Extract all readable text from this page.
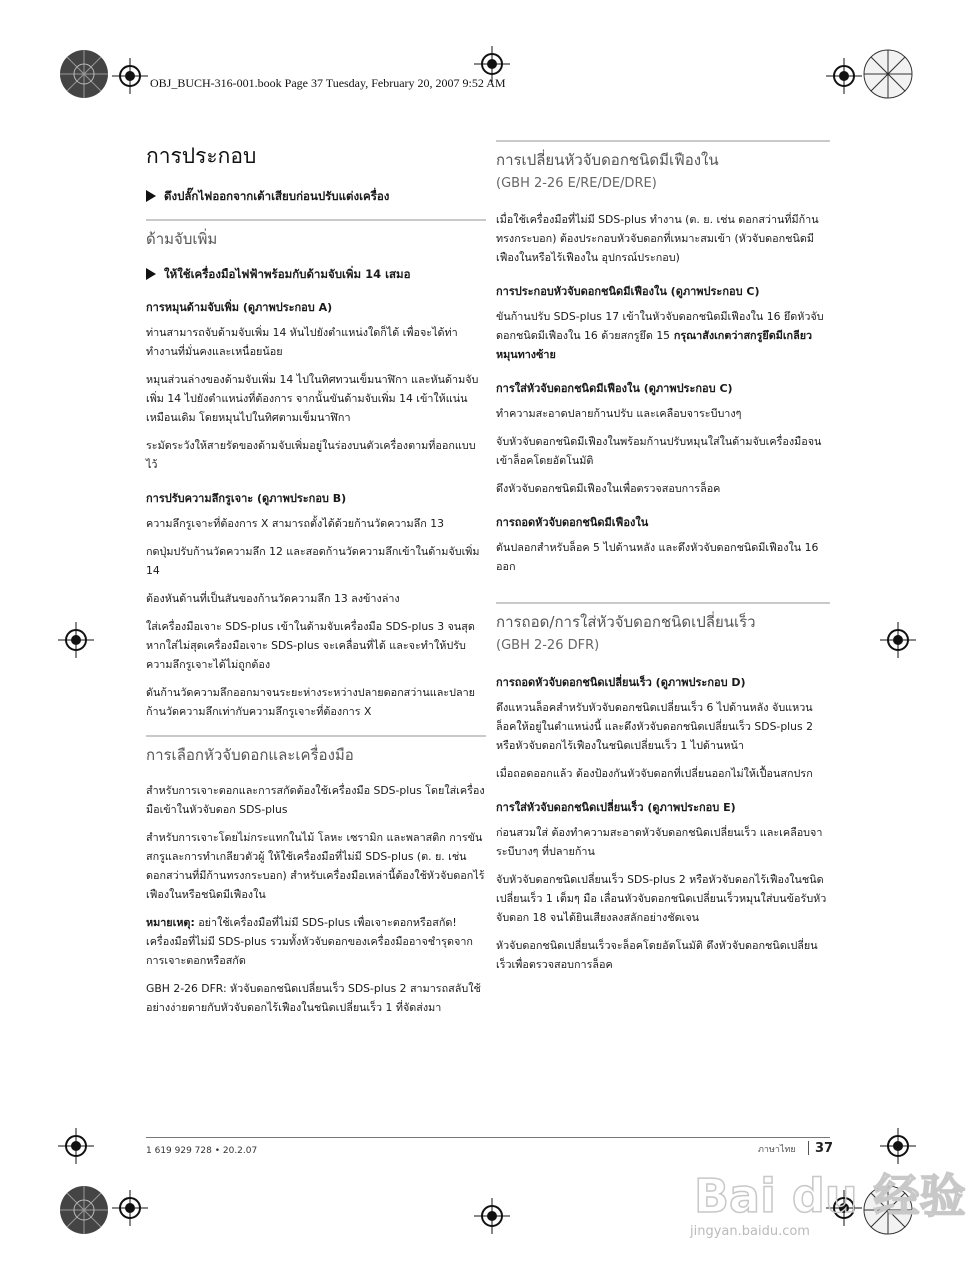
OBJ_BUCH-316-001.book Page 37 Tuesday, February 20, 2007 9:52 AM
การประกอบ
ดึงปลั๊กไฟออกจากเต้าเสียบก่อนปรับแต่งเครื่อง
ด้ามจับเพิ่ม
ให้ใช้เครื่องมือไฟฟ้าพร้อมกับด้ามจับเพิ่ม 14 เสมอ
การหมุนด้ามจับเพิ่ม (ดูภาพประกอบ A)

ท่านสามารถจับด้ามจับเพิ่ม 14 หันไปยังตำแหน่งใดก็ได้ เพื่อจะได้ท่าทำงานที่มั่นคงและเหนื่อยน้อย

หมุนส่วนล่างของด้ามจับเพิ่ม 14 ไปในทิศทวนเข็มนาฬิกา และหันด้ามจับเพิ่ม 14 ไปยังตำแหน่งที่ต้องการ จากนั้นขันด้ามจับเพิ่ม 14 เข้าให้แน่นเหมือนเดิม โดยหมุนไปในทิศตามเข็มนาฬิกา

ระมัดระวังให้สายรัดของด้ามจับเพิ่มอยู่ในร่องบนตัวเครื่องตามที่ออกแบบไว้

การปรับความลึกรูเจาะ (ดูภาพประกอบ B)

ความลึกรูเจาะที่ต้องการ X สามารถตั้งได้ด้วยก้านวัดความลึก 13

กดปุ่มปรับก้านวัดความลึก 12 และสอดก้านวัดความลึกเข้าในด้ามจับเพิ่ม 14

ต้องหันด้านที่เป็นสันของก้านวัดความลึก 13 ลงข้างล่าง

ใส่เครื่องมือเจาะ SDS-plus เข้าในด้ามจับเครื่องมือ SDS-plus 3 จนสุด หากใส่ไม่สุดเครื่องมือเจาะ SDS-plus จะเคลื่อนที่ได้ และจะทำให้ปรับความลึกรูเจาะได้ไม่ถูกต้อง

ดันก้านวัดความลึกออกมาจนระยะห่างระหว่างปลายดอกสว่านและปลายก้านวัดความลึกเท่ากับความลึกรูเจาะที่ต้องการ X

การเลือกหัวจับดอกและเครื่องมือ

สำหรับการเจาะตอกและการสกัดต้องใช้เครื่องมือ SDS-plus โดยใส่เครื่องมือเข้าในหัวจับดอก SDS-plus

สำหรับการเจาะโดยไม่กระแทกในไม้ โลหะ เซรามิก และพลาสติก การขันสกรูและการทำเกลียวตัวผู้ ให้ใช้เครื่องมือที่ไม่มี SDS-plus (ต. ย. เช่น ดอกสว่านที่มีก้านทรงกระบอก) สำหรับเครื่องมือเหล่านี้ต้องใช้หัวจับดอกไร้เฟืองในหรือชนิดมีเฟืองใน

หมายเหตุ: อย่าใช้เครื่องมือที่ไม่มี SDS-plus เพื่อเจาะตอกหรือสกัด! เครื่องมือที่ไม่มี SDS-plus รวมทั้งหัวจับดอกของเครื่องมืออาจชำรุดจากการเจาะตอกหรือสกัด

GBH 2-26 DFR: หัวจับดอกชนิดเปลี่ยนเร็ว SDS-plus 2 สามารถสลับใช้อย่างง่ายดายกับหัวจับดอกไร้เฟืองในชนิดเปลี่ยนเร็ว 1 ที่จัดส่งมา

การเปลี่ยนหัวจับดอกชนิดมีเฟืองใน
(GBH 2-26 E/RE/DE/DRE)

เมื่อใช้เครื่องมือที่ไม่มี SDS-plus ทำงาน (ต. ย. เช่น ดอกสว่านที่มีก้านทรงกระบอก) ต้องประกอบหัวจับดอกที่เหมาะสมเข้า (หัวจับดอกชนิดมีเฟืองในหรือไร้เฟืองใน อุปกรณ์ประกอบ)

การประกอบหัวจับดอกชนิดมีเฟืองใน (ดูภาพประกอบ C)

ขันก้านปรับ SDS-plus 17 เข้าในหัวจับดอกชนิดมีเฟืองใน 16 ยึดหัวจับดอกชนิดมีเฟืองใน 16 ด้วยสกรูยึด 15 กรุณาสังเกตว่าสกรูยึดมีเกลียวหมุนทางซ้าย

การใส่หัวจับดอกชนิดมีเฟืองใน (ดูภาพประกอบ C)

ทำความสะอาดปลายก้านปรับ และเคลือบจาระบีบางๆ

จับหัวจับดอกชนิดมีเฟืองในพร้อมก้านปรับหมุนใส่ในด้ามจับเครื่องมือจนเข้าล็อคโดยอัตโนมัติ

ดึงหัวจับดอกชนิดมีเฟืองในเพื่อตรวจสอบการล็อค

การถอดหัวจับดอกชนิดมีเฟืองใน

ดันปลอกสำหรับล็อค 5 ไปด้านหลัง และดึงหัวจับดอกชนิดมีเฟืองใน 16 ออก

การถอด/การใส่หัวจับดอกชนิดเปลี่ยนเร็ว
(GBH 2-26 DFR)
การถอดหัวจับดอกชนิดเปลี่ยนเร็ว (ดูภาพประกอบ D)

ดึงแหวนล็อคสำหรับหัวจับดอกชนิดเปลี่ยนเร็ว 6 ไปด้านหลัง จับแหวนล็อคให้อยู่ในตำแหน่งนี้ และดึงหัวจับดอกชนิดเปลี่ยนเร็ว SDS-plus 2 หรือหัวจับดอกไร้เฟืองในชนิดเปลี่ยนเร็ว 1 ไปด้านหน้า

เมื่อถอดออกแล้ว ต้องป้องกันหัวจับดอกที่เปลี่ยนออกไม่ให้เปื้อนสกปรก

การใส่หัวจับดอกชนิดเปลี่ยนเร็ว (ดูภาพประกอบ E)

ก่อนสวมใส่ ต้องทำความสะอาดหัวจับดอกชนิดเปลี่ยนเร็ว และเคลือบจาระบีบางๆ ที่ปลายก้าน

จับหัวจับดอกชนิดเปลี่ยนเร็ว SDS-plus 2 หรือหัวจับดอกไร้เฟืองในชนิดเปลี่ยนเร็ว 1 เต็มๆ มือ เลื่อนหัวจับดอกชนิดเปลี่ยนเร็วหมุนใส่บนข้อรับหัวจับดอก 18 จนได้ยินเสียงลงสลักอย่างชัดเจน

หัวจับดอกชนิดเปลี่ยนเร็วจะล็อคโดยอัตโนมัติ ดึงหัวจับดอกชนิดเปลี่ยนเร็วเพื่อตรวจสอบการล็อค

1 619 929 728 • 20.2.07	ภาษาไทย 37
Bai du 经验
jingyan.baidu.com
